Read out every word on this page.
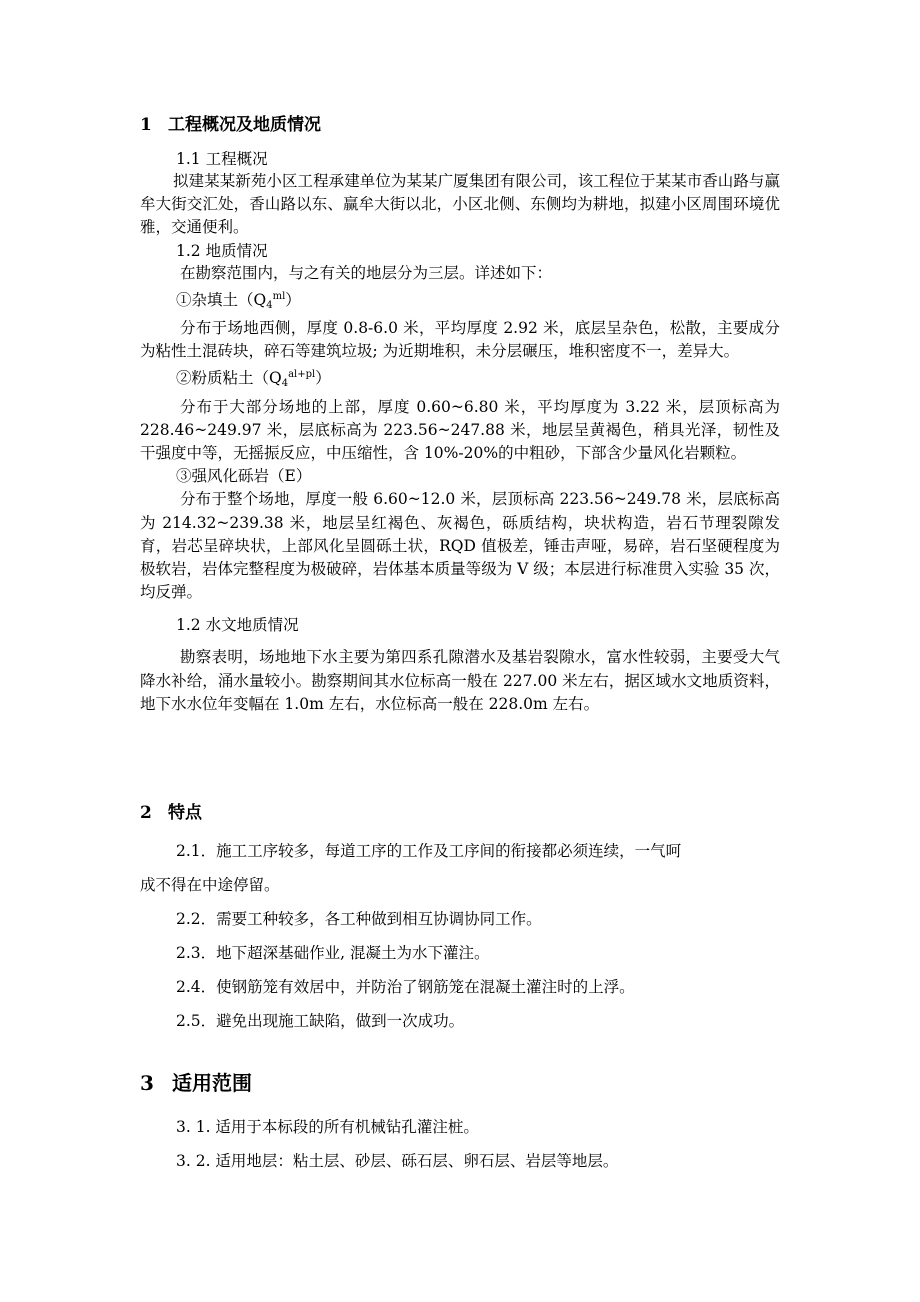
1 工程概况及地质情况
1.1 工程概况

拟建某某新苑小区工程承建单位为某某广厦集团有限公司，该工程位于某某市香山路与赢牟大街交汇处，香山路以东、赢牟大街以北，小区北侧、东侧均为耕地，拟建小区周围环境优雅，交通便利。

1.2 地质情况

在勘察范围内，与之有关的地层分为三层。详述如下：

①杂填土$(Q4^{ml})$

分布于场地西侧，厚度 0.8-6.0 米，平均厚度 2.92 米，底层呈杂色，松散，主要成分为粘性土混砖块，碎石等建筑垃圾; 为近期堆积，未分层碾压，堆积密度不一，差异大。

②粉质粘土$(Q4^{al+pl})$

分布于大部分场地的上部，厚度 0.60~6.80 米，平均厚度为 3.22 米，层顶标高为 228.46~249.97 米，层底标高为 223.56~247.88 米，地层呈黄褐色，稍具光泽，韧性及干强度中等，无摇振反应，中压缩性，含 10%-20%的中粗砂，下部含少量风化岩颗粒。

③强风化砾岩（E）

分布于整个场地，厚度一般 6.60~12.0 米，层顶标高 223.56~249.78 米，层底标高为 214.32~239.38 米，地层呈红褐色、灰褐色，砾质结构，块状构造，岩石节理裂隙发育，岩芯呈碎块状，上部风化呈圆砾土状，RQD 值极差，锤击声哑，易碎，岩石坚硬程度为极软岩，岩体完整程度为极破碎，岩体基本质量等级为 V 级；本层进行标准贯入实验 35 次，均反弹。

1.2 水文地质情况

勘察表明，场地地下水主要为第四系孔隙潜水及基岩裂隙水，富水性较弱，主要受大气降水补给，涌水量较小。勘察期间其水位标高一般在 227.00 米左右，据区域水文地质资料，地下水水位年变幅在 1.0m 左右，水位标高一般在 228.0m 左右。

2 特点
2.1．施工工序较多，每道工序的工作及工序间的衔接都必须连续，一气呵
成不得在中途停留。
2.2．需要工种较多，各工种做到相互协调协同工作。
2.3．地下超深基础作业, 混凝土为水下灌注。
2.4．使钢筋笼有效居中，并防治了钢筋笼在混凝土灌注时的上浮。
2.5．避免出现施工缺陷，做到一次成功。
3 适用范围
3. 1. 适用于本标段的所有机械钻孔灌注桩。
3. 2. 适用地层：粘土层、砂层、砾石层、卵石层、岩层等地层。
